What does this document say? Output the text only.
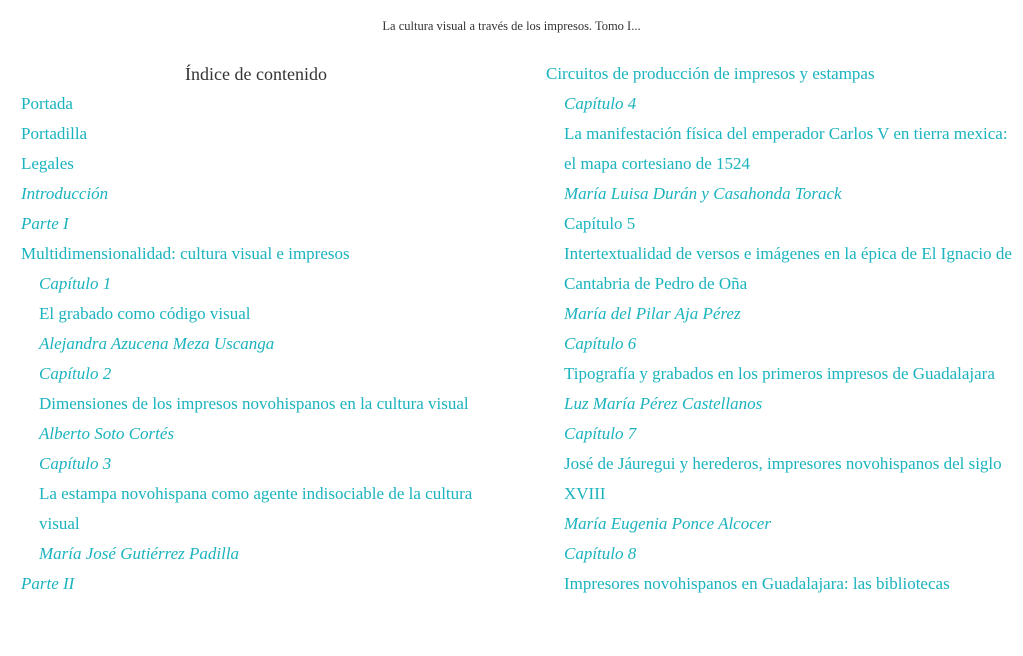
La cultura visual a través de los impresos. Tomo I...
Índice de contenido
Portada
Portadilla
Legales
Introducción
Parte I
Multidimensionalidad: cultura visual e impresos
Capítulo 1
El grabado como código visual
Alejandra Azucena Meza Uscanga
Capítulo 2
Dimensiones de los impresos novohispanos en la cultura visual
Alberto Soto Cortés
Capítulo 3
La estampa novohispana como agente indisociable de la cultura visual
María José Gutiérrez Padilla
Parte II
Circuitos de producción de impresos y estampas
Capítulo 4
La manifestación física del emperador Carlos V en tierra mexica: el mapa cortesiano de 1524
María Luisa Durán y Casahonda Torack
Capítulo 5
Intertextualidad de versos e imágenes en la épica de El Ignacio de Cantabria de Pedro de Oña
María del Pilar Aja Pérez
Capítulo 6
Tipografía y grabados en los primeros impresos de Guadalajara
Luz María Pérez Castellanos
Capítulo 7
José de Jáuregui y herederos, impresores novohispanos del siglo XVIII
María Eugenia Ponce Alcocer
Capítulo 8
Impresores novohispanos en Guadalajara: las bibliotecas
